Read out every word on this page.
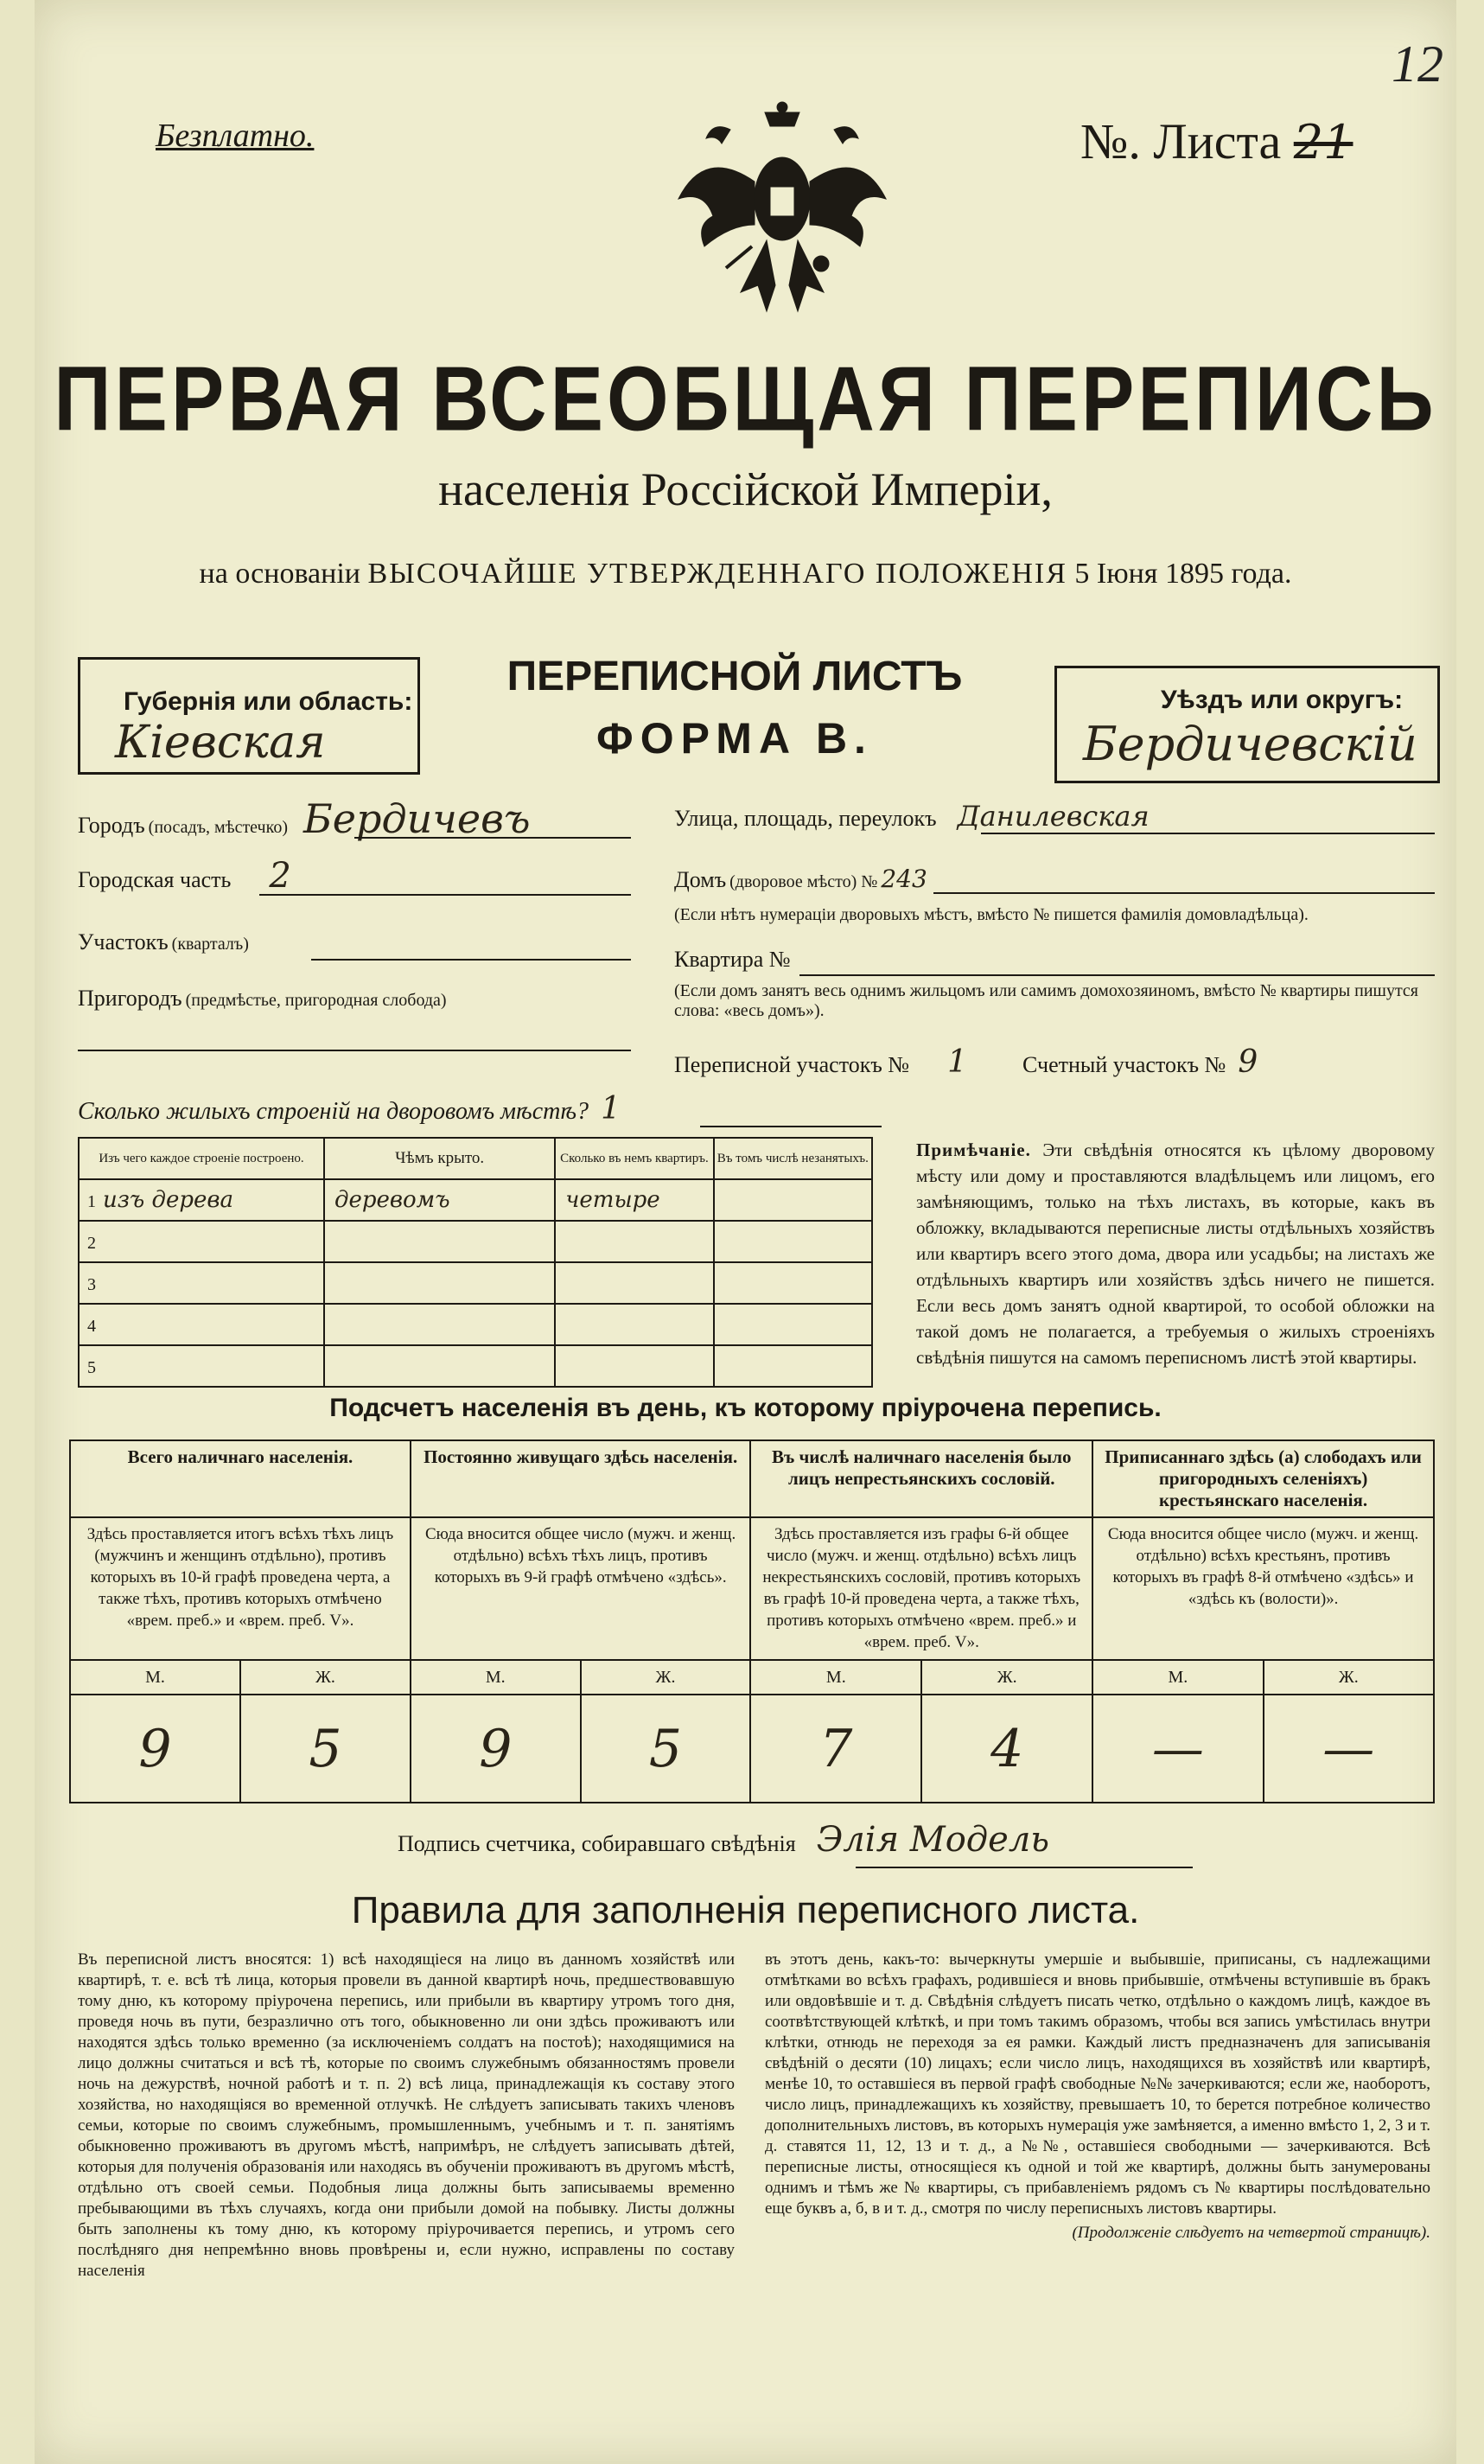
Безплатно.	№. Листа 21
12
ПЕРВАЯ ВСЕОБЩАЯ ПЕРЕПИСЬ
населенія Россійской Имперіи,
на основаніи ВЫСОЧАЙШЕ УТВЕРЖДЕННАГО ПОЛОЖЕНІЯ 5 Іюня 1895 года.
Губернія или область:
Кіевская
ПЕРЕПИСНОЙ ЛИСТЪ
ФОРМА В.
Уѣздъ или округъ:
Бердичевскій
Городъ (посадъ, мѣстечко) Бердичевъ
Городская часть 2
Участокъ (кварталъ)
Пригородъ (предмѣстье, пригородная слобода)
Улица, площадь, переулокъ Данилевская
Домъ (дворовое мѣсто) № 243
(Если нѣтъ нумераціи дворовыхъ мѣстъ, вмѣсто № пишется фамилія домовладѣльца).
Квартира №
(Если домъ занятъ весь однимъ жильцомъ или самимъ домохозяиномъ, вмѣсто № квартиры пишутся слова: «весь домъ»).
Переписной участокъ № 1 Счетный участокъ № 9
Сколько жилыхъ строеній на дворовомъ мѣстѣ? 1
Изъ чего каждое строеніе построено.	Чѣмъ крыто.	Сколько въ немъ квартиръ.	Въ томъ числѣ незанятыхъ.
1 изъ дерева	деревомъ	четыре	
2			
3			
4			
5			
Примѣчаніе. Эти свѣдѣнія относятся къ цѣлому дворовому мѣсту или дому и проставляются владѣльцемъ или лицомъ, его замѣняющимъ, только на тѣхъ листахъ, въ которые, какъ въ обложку, вкладываются переписные листы отдѣльныхъ хозяйствъ или квартиръ всего этого дома, двора или усадьбы; на листахъ же отдѣльныхъ квартиръ или хозяйствъ здѣсь ничего не пишется. Если весь домъ занятъ одной квартирой, то особой обложки на такой домъ не полагается, а требуемыя о жилыхъ строеніяхъ свѣдѣнія пишутся на самомъ переписномъ листѣ этой квартиры.
Подсчетъ населенія въ день, къ которому пріурочена перепись.
Всего наличнаго населенія.		Постоянно живущаго здѣсь населенія.		Въ числѣ наличнаго населенія было лицъ непрестьянскихъ сословій.		Приписаннаго здѣсь (а) слободахъ или пригородныхъ селеніяхъ) крестьянскаго населенія.	
Здѣсь проставляется итогъ всѣхъ тѣхъ лицъ (мужчинъ и женщинъ отдѣльно), противъ которыхъ въ 10-й графѣ проведена черта, а также тѣхъ, противъ которыхъ отмѣчено «врем. преб.» и «врем. преб. V».		Сюда вносится общее число (мужч. и женщ. отдѣльно) всѣхъ тѣхъ лицъ, противъ которыхъ въ 9-й графѣ отмѣчено «здѣсь».		Здѣсь проставляется изъ графы 6-й общее число (мужч. и женщ. отдѣльно) всѣхъ лицъ некрестьянскихъ сословій, противъ которыхъ въ графѣ 10-й проведена черта, а также тѣхъ, противъ которыхъ отмѣчено «врем. преб.» и «врем. преб. V».		Сюда вносится общее число (мужч. и женщ. отдѣльно) всѣхъ крестьянъ, противъ которыхъ въ графѣ 8-й отмѣчено «здѣсь» и «здѣсь къ (волости)».	
М.	Ж.	М.	Ж.	М.	Ж.	М.	Ж.
9	5	9	5	7	4	—	—
Подпись счетчика, собиравшаго свѣдѣнія Элія Модель
Правила для заполненія переписного листа.
Въ переписной листъ вносятся: 1) всѣ находящіеся на лицо въ данномъ хозяйствѣ или квартирѣ, т. е. всѣ тѣ лица, которыя провели въ данной квартирѣ ночь, предшествовавшую тому дню, къ которому пріурочена перепись, или прибыли въ квартиру утромъ того дня, проведя ночь въ пути, безразлично отъ того, обыкновенно ли они здѣсь проживаютъ или находятся здѣсь только временно (за исключеніемъ солдатъ на постоѣ); находящимися на лицо должны считаться и всѣ тѣ, которые по своимъ служебнымъ обязанностямъ провели ночь на дежурствѣ, ночной работѣ и т. п. 2) всѣ лица, принадлежащія къ составу этого хозяйства, но находящіяся во временной отлучкѣ. Не слѣдуетъ записывать такихъ членовъ семьи, которые по своимъ служебнымъ, промышленнымъ, учебнымъ и т. п. занятіямъ обыкновенно проживаютъ въ другомъ мѣстѣ, напримѣръ, не слѣдуетъ записывать дѣтей, которыя для полученія образованія или находясь въ обученіи проживаютъ въ другомъ мѣстѣ, отдѣльно отъ своей семьи. Подобныя лица должны быть записываемы временно пребывающими въ тѣхъ случаяхъ, когда они прибыли домой на побывку. Листы должны быть заполнены къ тому дню, къ которому пріурочивается перепись, и утромъ сего послѣдняго дня непремѣнно вновь провѣрены и, если нужно, исправлены по составу населенія
въ этотъ день, какъ-то: вычеркнуты умершіе и выбывшіе, приписаны, съ надлежащими отмѣтками во всѣхъ графахъ, родившіеся и вновь прибывшіе, отмѣчены вступившіе въ бракъ или овдовѣвшіе и т. д. Свѣдѣнія слѣдуетъ писать четко, отдѣльно о каждомъ лицѣ, каждое въ соотвѣтствующей клѣткѣ, и при томъ такимъ образомъ, чтобы вся запись умѣстилась внутри клѣтки, отнюдь не переходя за ея рамки. Каждый листъ предназначенъ для записыванія свѣдѣній о десяти (10) лицахъ; если число лицъ, находящихся въ хозяйствѣ или квартирѣ, менѣе 10, то оставшіеся въ первой графѣ свободные №№ зачеркиваются; если же, наоборотъ, число лицъ, принадлежащихъ къ хозяйству, превышаетъ 10, то берется потребное количество дополнительныхъ листовъ, въ которыхъ нумерація уже замѣняется, а именно вмѣсто 1, 2, 3 и т. д. ставятся 11, 12, 13 и т. д., а №№, оставшіеся свободными — зачеркиваются. Всѣ переписные листы, относящіеся къ одной и той же квартирѣ, должны быть занумерованы однимъ и тѣмъ же № квартиры, съ прибавленіемъ рядомъ съ № квартиры послѣдовательно еще буквъ а, б, в и т. д., смотря по числу переписныхъ листовъ квартиры.
(Продолженіе слѣдуетъ на четвертой страницѣ).
